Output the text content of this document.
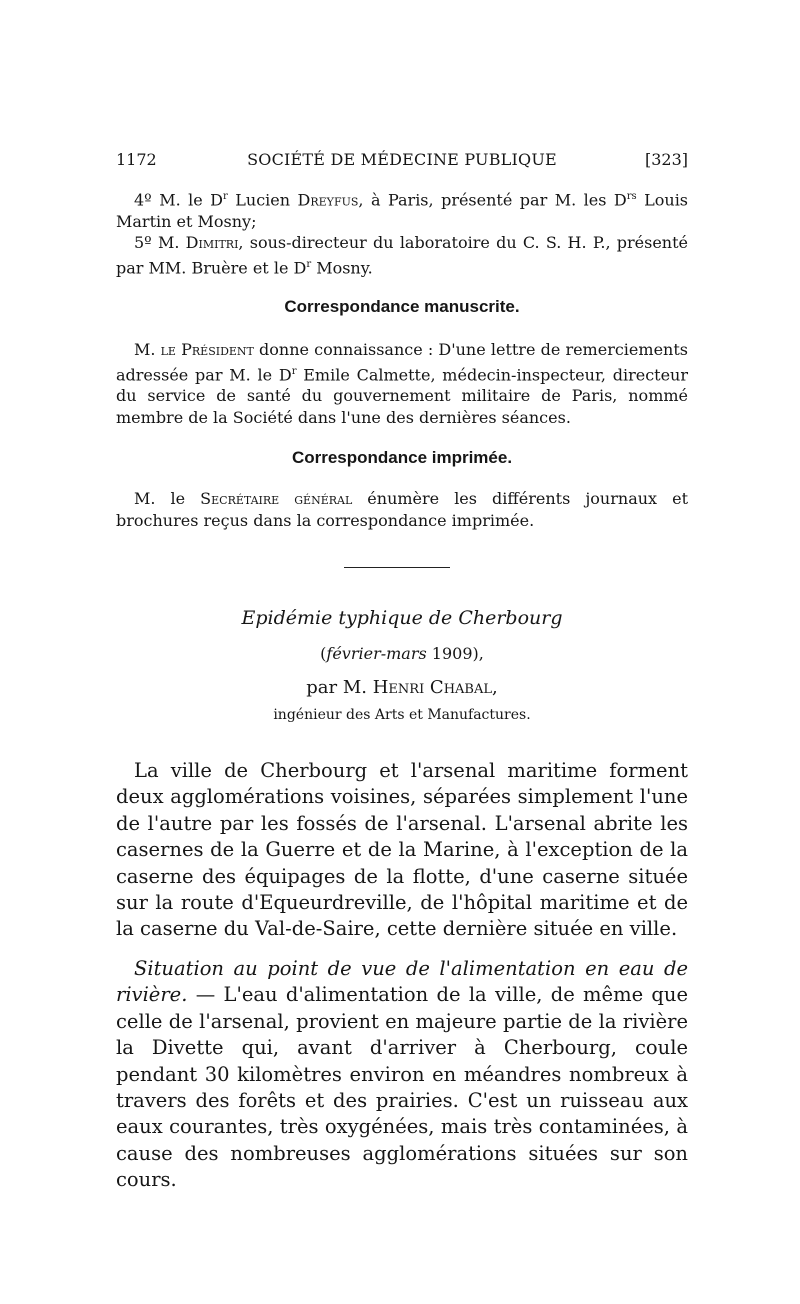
1172	SOCIÉTÉ DE MÉDECINE PUBLIQUE	[323]

4º M. le $D^r$ Lucien Dreyfus, à Paris, présenté par M. les $D^{rs}$ Louis Martin et Mosny;

5º M. Dimitri, sous-directeur du laboratoire du C. S. H. P., présenté par MM. Bruère et le $D^r$ Mosny.

Correspondance manuscrite.

M. le Président donne connaissance : D'une lettre de remerciements adressée par M. le $D^r$ Emile Calmette, médecin-inspecteur, directeur du service de santé du gouvernement militaire de Paris, nommé membre de la Société dans l'une des dernières séances.

Correspondance imprimée.

M. le Secrétaire général énumère les différents journaux et brochures reçus dans la correspondance imprimée.

Epidémie typhique de Cherbourg
(février-mars 1909),
par M. Henri Chabal,
ingénieur des Arts et Manufactures.

La ville de Cherbourg et l'arsenal maritime forment deux agglomérations voisines, séparées simplement l'une de l'autre par les fossés de l'arsenal. L'arsenal abrite les casernes de la Guerre et de la Marine, à l'exception de la caserne des équipages de la flotte, d'une caserne située sur la route d'Equeurdreville, de l'hôpital maritime et de la caserne du Val-de-Saire, cette dernière située en ville.

Situation au point de vue de l'alimentation en eau de rivière. — L'eau d'alimentation de la ville, de même que celle de l'arsenal, provient en majeure partie de la rivière la Divette qui, avant d'arriver à Cherbourg, coule pendant 30 kilomètres environ en méandres nombreux à travers des forêts et des prairies. C'est un ruisseau aux eaux courantes, très oxygénées, mais très contaminées, à cause des nombreuses agglomérations situées sur son cours.
